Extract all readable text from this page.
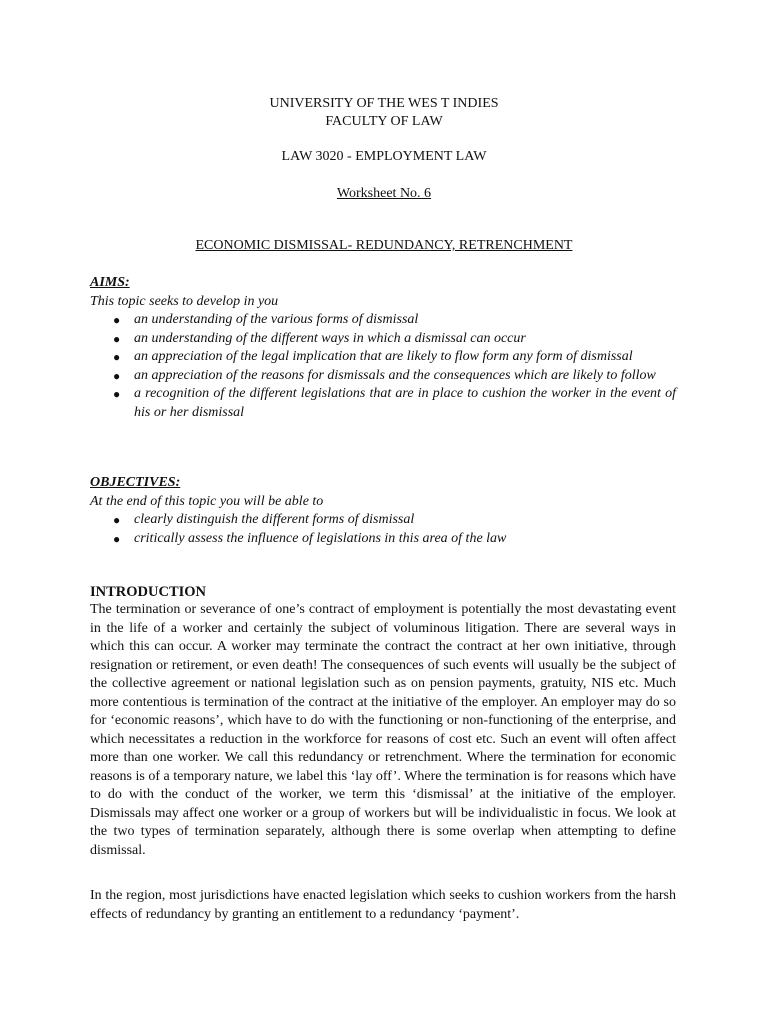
UNIVERSITY OF THE WES T INDIES
FACULTY OF LAW
LAW 3020 - EMPLOYMENT LAW
Worksheet No. 6
ECONOMIC DISMISSAL- REDUNDANCY, RETRENCHMENT
AIMS:
This topic seeks to develop in you
● an understanding of the various forms of dismissal
● an understanding of the different ways in which a dismissal can occur
● an appreciation of the legal implication that are likely to flow form any form of dismissal
● an appreciation of the reasons for dismissals and the consequences which are likely to follow
● a recognition of the different legislations that are in place to cushion the worker in the event of his or her dismissal
OBJECTIVES:
At the end of this topic you will be able to
● clearly distinguish the different forms of dismissal
● critically assess the influence of legislations in this area of the law
INTRODUCTION

The termination or severance of one’s contract of employment is potentially the most devastating event in the life of a worker and certainly the subject of voluminous litigation. There are several ways in which this can occur. A worker may terminate the contract the contract at her own initiative, through resignation or retirement, or even death! The consequences of such events will usually be the subject of the collective agreement or national legislation such as on pension payments, gratuity, NIS etc. Much more contentious is termination of the contract at the initiative of the employer. An employer may do so for ‘economic reasons’, which have to do with the functioning or non-functioning of the enterprise, and which necessitates a reduction in the workforce for reasons of cost etc. Such an event will often affect more than one worker. We call this redundancy or retrenchment. Where the termination for economic reasons is of a temporary nature, we label this ‘lay off’. Where the termination is for reasons which have to do with the conduct of the worker, we term this ‘dismissal’ at the initiative of the employer. Dismissals may affect one worker or a group of workers but will be individualistic in focus. We look at the two types of termination separately, although there is some overlap when attempting to define dismissal.

In the region, most jurisdictions have enacted legislation which seeks to cushion workers from the harsh effects of redundancy by granting an entitlement to a redundancy ‘payment’.
